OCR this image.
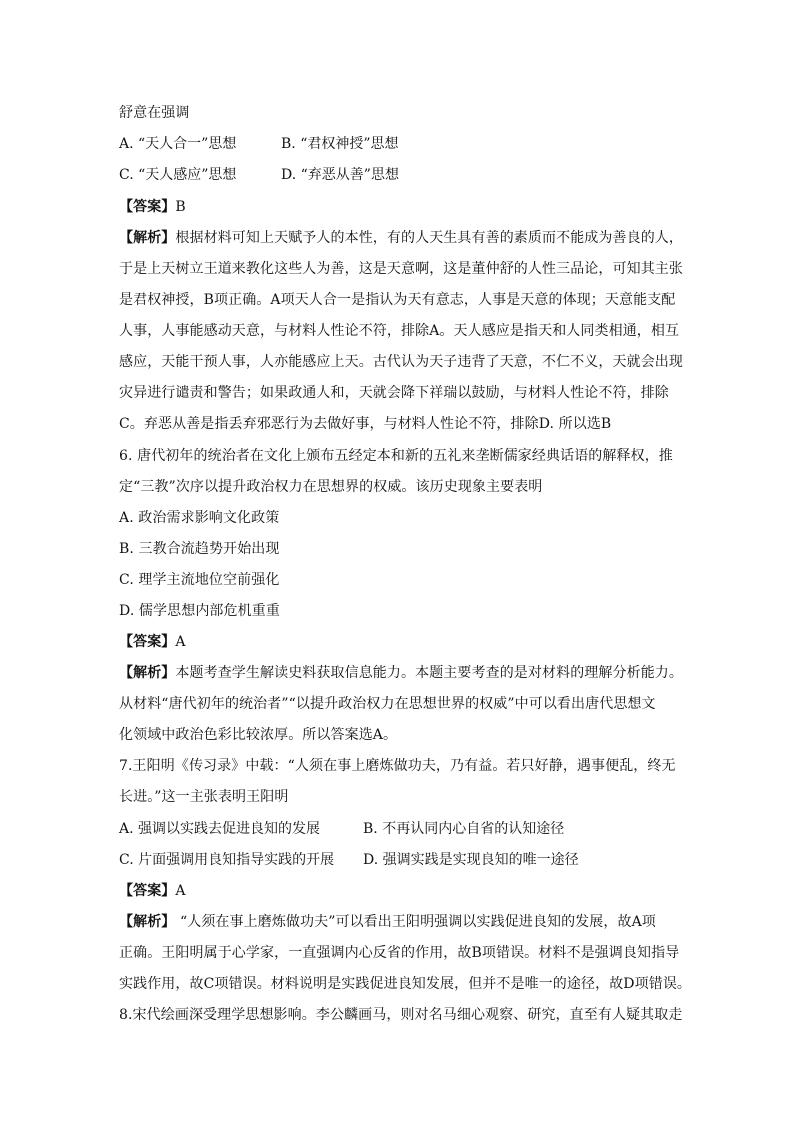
舒意在强调
A. “天人合一”思想	B. “君权神授”思想
C. “天人感应”思想	D. “弃恶从善”思想
【答案】B
【解析】根据材料可知上天赋予人的本性，有的人天生具有善的素质而不能成为善良的人，
于是上天树立王道来教化这些人为善，这是天意啊，这是董仲舒的人性三品论，可知其主张
是君权神授，B项正确。A项天人合一是指认为天有意志，人事是天意的体现；天意能支配
人事，人事能感动天意，与材料人性论不符，排除A。天人感应是指天和人同类相通，相互
感应，天能干预人事，人亦能感应上天。古代认为天子违背了天意，不仁不义，天就会出现
灾异进行谴责和警告；如果政通人和，天就会降下祥瑞以鼓励，与材料人性论不符，排除
C。弃恶从善是指丢弃邪恶行为去做好事，与材料人性论不符，排除D. 所以选B
6. 唐代初年的统治者在文化上颁布五经定本和新的五礼来垄断儒家经典话语的解释权，推
定“三教”次序以提升政治权力在思想界的权威。该历史现象主要表明
A. 政治需求影响文化政策
B. 三教合流趋势开始出现
C. 理学主流地位空前强化
D. 儒学思想内部危机重重
【答案】A
【解析】本题考查学生解读史料获取信息能力。本题主要考查的是对材料的理解分析能力。
从材料“唐代初年的统治者”“以提升政治权力在思想世界的权威”中可以看出唐代思想文
化领域中政治色彩比较浓厚。所以答案选A。
7.王阳明《传习录》中载：“人须在事上磨炼做功夫，乃有益。若只好静，遇事便乱，终无
长进。”这一主张表明王阳明
A. 强调以实践去促进良知的发展	B. 不再认同内心自省的认知途径
C. 片面强调用良知指导实践的开展 D. 强调实践是实现良知的唯一途径
【答案】A
【解析】 “人须在事上磨炼做功夫”可以看出王阳明强调以实践促进良知的发展，故A项
正确。王阳明属于心学家，一直强调内心反省的作用，故B项错误。材料不是强调良知指导
实践作用，故C项错误。材料说明是实践促进良知发展，但并不是唯一的途径，故D项错误。
8.宋代绘画深受理学思想影响。李公麟画马，则对名马细心观察、研究，直至有人疑其取走
